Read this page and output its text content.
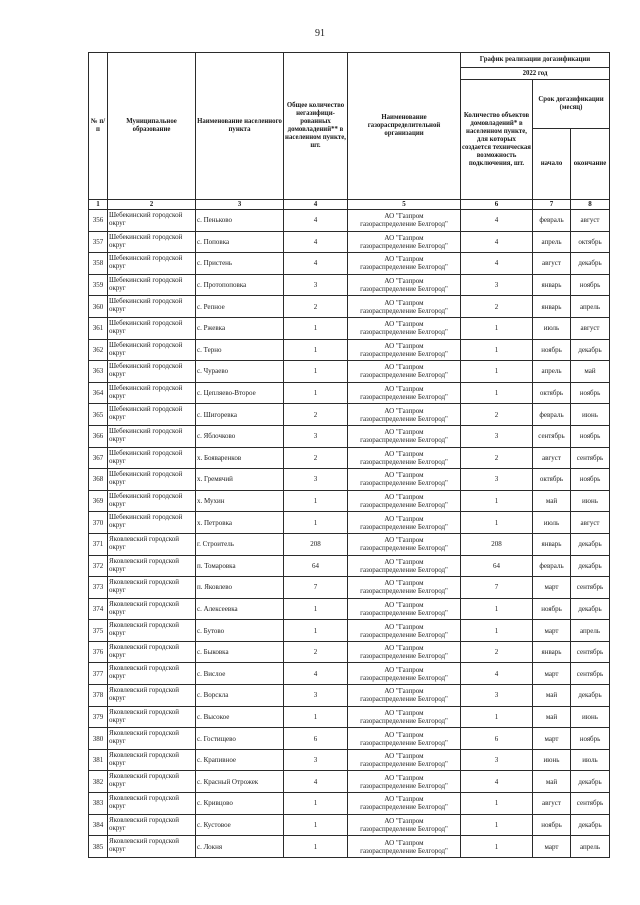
91
№ п/п	Муниципальное образование	Наименование населенного пункта	Общее количество негазифици-рованных домовладений** в населенном пункте, шт.	Наименование газораспределительной организации	График реализации догазификации		
					2022 год		
					Количество объектов домовладений* в населенном пункте, для которых создается техническая возможность подключения, шт.	Срок догазификации (месяц)	
						начало	окончание
1	2	3	4	5	6	7	8
356	Шебекинский городской округ	с. Пеньково	4	АО "Газпром
газораспределение Белгород"	4	февраль	август
357	Шебекинский городской округ	с. Поповка	4	АО "Газпром
газораспределение Белгород"	4	апрель	октябрь
358	Шебекинский городской округ	с. Пристень	4	АО "Газпром
газораспределение Белгород"	4	август	декабрь
359	Шебекинский городской округ	с. Протопоповка	3	АО "Газпром
газораспределение Белгород"	3	январь	ноябрь
360	Шебекинский городской округ	с. Репное	2	АО "Газпром
газораспределение Белгород"	2	январь	апрель
361	Шебекинский городской округ	с. Ржевка	1	АО "Газпром
газораспределение Белгород"	1	июль	август
362	Шебекинский городской округ	с. Терно	1	АО "Газпром
газораспределение Белгород"	1	ноябрь	декабрь
363	Шебекинский городской округ	с. Чураево	1	АО "Газпром
газораспределение Белгород"	1	апрель	май
364	Шебекинский городской округ	с. Цепляево-Второе	1	АО "Газпром
газораспределение Белгород"	1	октябрь	ноябрь
365	Шебекинский городской округ	с. Шигоревка	2	АО "Газпром
газораспределение Белгород"	2	февраль	июнь
366	Шебекинский городской округ	с. Яблочково	3	АО "Газпром
газораспределение Белгород"	3	сентябрь	ноябрь
367	Шебекинский городской округ	х. Бояваренков	2	АО "Газпром
газораспределение Белгород"	2	август	сентябрь
368	Шебекинский городской округ	х. Гремячий	3	АО "Газпром
газораспределение Белгород"	3	октябрь	ноябрь
369	Шебекинский городской округ	х. Мухин	1	АО "Газпром
газораспределение Белгород"	1	май	июнь
370	Шебекинский городской округ	х. Петровка	1	АО "Газпром
газораспределение Белгород"	1	июль	август
371	Яковлевский городской округ	г. Строитель	208	АО "Газпром
газораспределение Белгород"	208	январь	декабрь
372	Яковлевский городской округ	п. Томаровка	64	АО "Газпром
газораспределение Белгород"	64	февраль	декабрь
373	Яковлевский городской округ	п. Яковлево	7	АО "Газпром
газораспределение Белгород"	7	март	сентябрь
374	Яковлевский городской округ	с. Алексеевка	1	АО "Газпром
газораспределение Белгород"	1	ноябрь	декабрь
375	Яковлевский городской округ	с. Бутово	1	АО "Газпром
газораспределение Белгород"	1	март	апрель
376	Яковлевский городской округ	с. Быковка	2	АО "Газпром
газораспределение Белгород"	2	январь	сентябрь
377	Яковлевский городской округ	с. Вислое	4	АО "Газпром
газораспределение Белгород"	4	март	сентябрь
378	Яковлевский городской округ	с. Ворскла	3	АО "Газпром
газораспределение Белгород"	3	май	декабрь
379	Яковлевский городской округ	с. Высокое	1	АО "Газпром
газораспределение Белгород"	1	май	июнь
380	Яковлевский городской округ	с. Гостищево	6	АО "Газпром
газораспределение Белгород"	6	март	ноябрь
381	Яковлевский городской округ	с. Крапивное	3	АО "Газпром
газораспределение Белгород"	3	июнь	июль
382	Яковлевский городской округ	с. Красный Отрожек	4	АО "Газпром
газораспределение Белгород"	4	май	декабрь
383	Яковлевский городской округ	с. Кривцово	1	АО "Газпром
газораспределение Белгород"	1	август	сентябрь
384	Яковлевский городской округ	с. Кустовое	1	АО "Газпром
газораспределение Белгород"	1	ноябрь	декабрь
385	Яковлевский городской округ	с. Локня	1	АО "Газпром
газораспределение Белгород"	1	март	апрель
